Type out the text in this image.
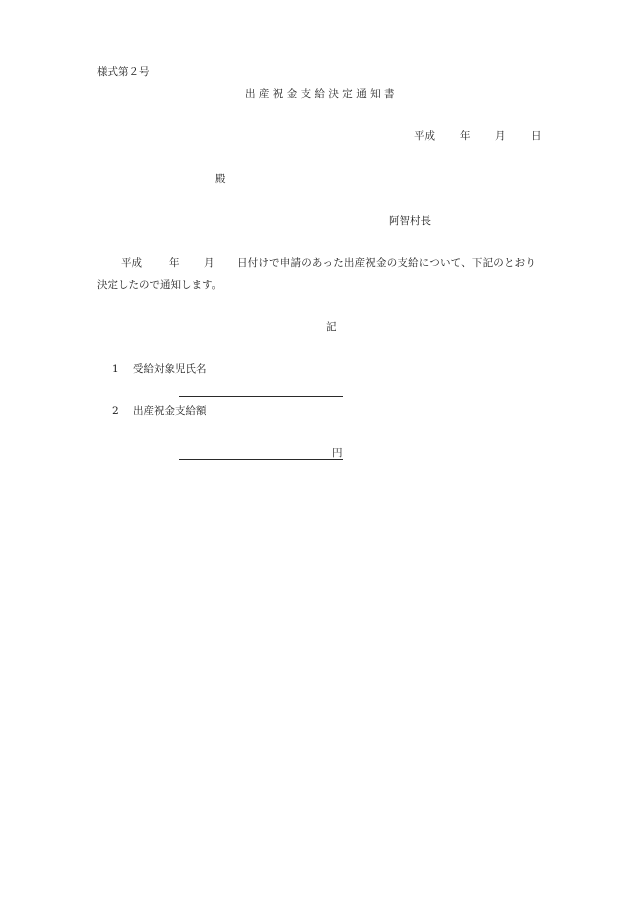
様式第２号
出産祝金支給決定通知書
平成 年 月 日
殿
阿智村長
平成	年 月 日付けで申請のあった出産祝金の支給について、下記のとおり
決定したので通知します。
記
1 受給対象児氏名
2 出産祝金支給額
円
